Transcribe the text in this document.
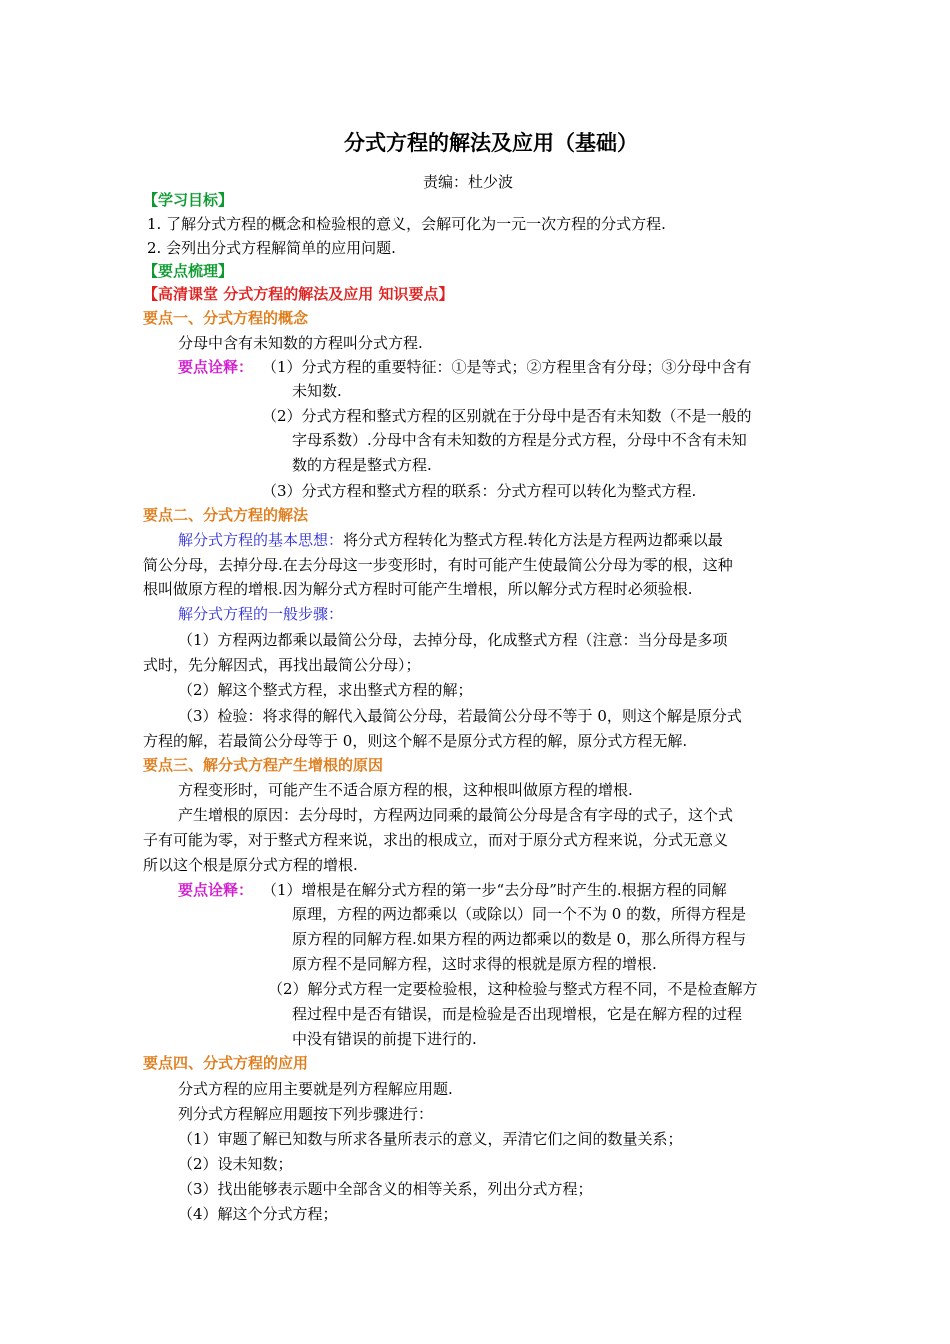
分式方程的解法及应用（基础）
责编：杜少波
【学习目标】
1. 了解分式方程的概念和检验根的意义，会解可化为一元一次方程的分式方程.
2. 会列出分式方程解简单的应用问题.
【要点梳理】
【高清课堂 分式方程的解法及应用 知识要点】
要点一、分式方程的概念
分母中含有未知数的方程叫分式方程.
要点诠释： （1）分式方程的重要特征：①是等式；②方程里含有分母；③分母中含有
未知数.
（2）分式方程和整式方程的区别就在于分母中是否有未知数（不是一般的
字母系数）.分母中含有未知数的方程是分式方程，分母中不含有未知
数的方程是整式方程.
（3）分式方程和整式方程的联系：分式方程可以转化为整式方程.
要点二、分式方程的解法
解分式方程的基本思想：将分式方程转化为整式方程.转化方法是方程两边都乘以最
简公分母，去掉分母.在去分母这一步变形时，有时可能产生使最简公分母为零的根，这种
根叫做原方程的增根.因为解分式方程时可能产生增根，所以解分式方程时必须验根.
解分式方程的一般步骤：
（1）方程两边都乘以最简公分母，去掉分母，化成整式方程（注意：当分母是多项
式时，先分解因式，再找出最简公分母）；
（2）解这个整式方程，求出整式方程的解；
（3）检验：将求得的解代入最简公分母，若最简公分母不等于 0，则这个解是原分式
方程的解，若最简公分母等于 0，则这个解不是原分式方程的解，原分式方程无解.
要点三、解分式方程产生增根的原因
方程变形时，可能产生不适合原方程的根，这种根叫做原方程的增根.
产生增根的原因：去分母时，方程两边同乘的最简公分母是含有字母的式子，这个式
子有可能为零，对于整式方程来说，求出的根成立，而对于原分式方程来说，分式无意义
所以这个根是原分式方程的增根.
要点诠释： （1）增根是在解分式方程的第一步“去分母”时产生的.根据方程的同解
原理，方程的两边都乘以（或除以）同一个不为 0 的数，所得方程是
原方程的同解方程.如果方程的两边都乘以的数是 0，那么所得方程与
原方程不是同解方程，这时求得的根就是原方程的增根.
（2）解分式方程一定要检验根，这种检验与整式方程不同，不是检查解方
程过程中是否有错误，而是检验是否出现增根，它是在解方程的过程
中没有错误的前提下进行的.
要点四、分式方程的应用
分式方程的应用主要就是列方程解应用题.
列分式方程解应用题按下列步骤进行：
（1）审题了解已知数与所求各量所表示的意义，弄清它们之间的数量关系；
（2）设未知数；
（3）找出能够表示题中全部含义的相等关系，列出分式方程；
（4）解这个分式方程；
